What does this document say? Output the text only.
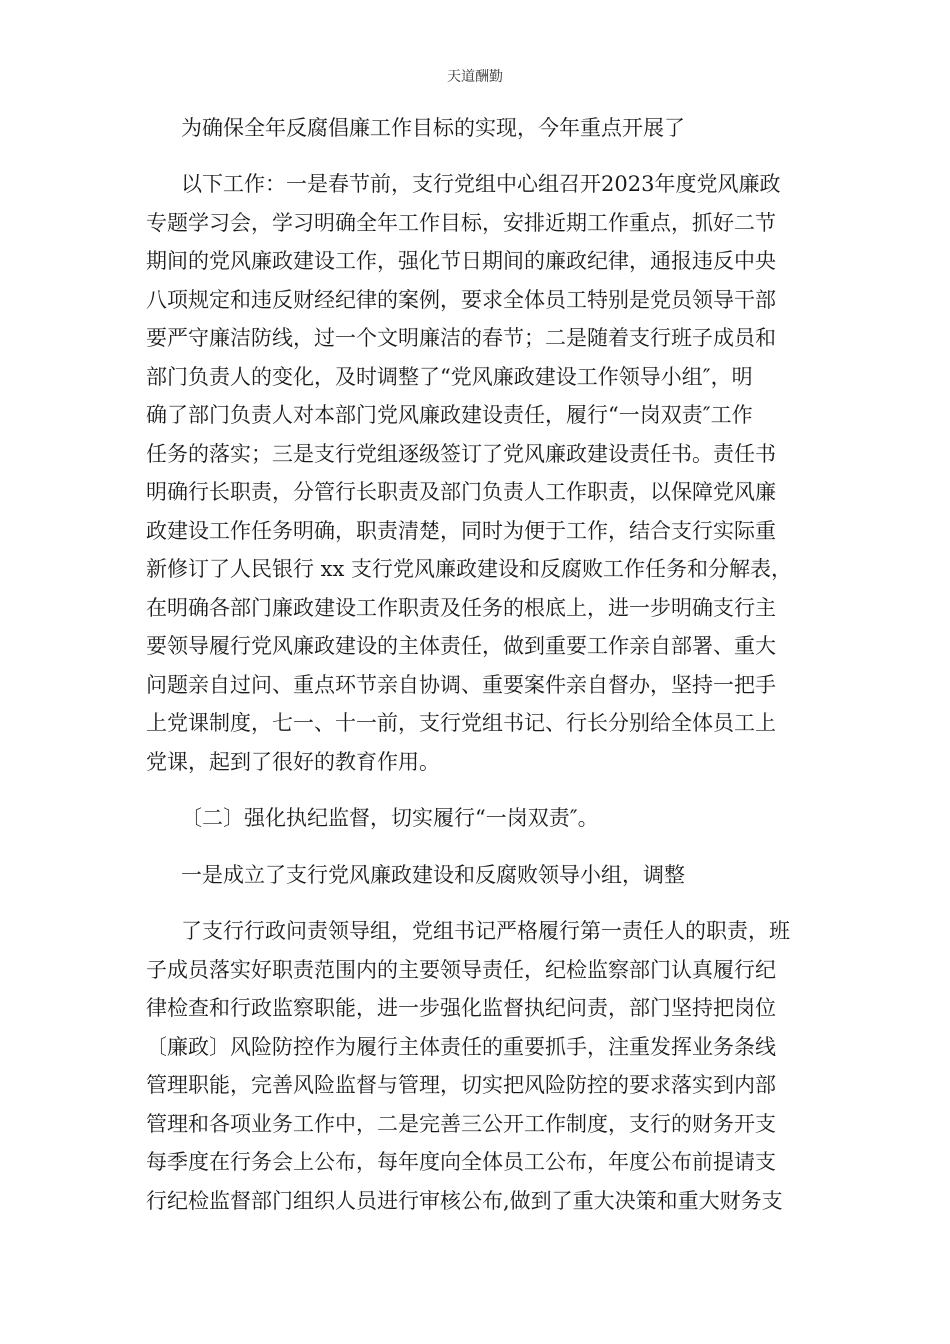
天道酬勤
为确保全年反腐倡廉工作目标的实现，今年重点开展了
以下工作：一是春节前，支行党组中心组召开2023年度党风廉政
专题学习会，学习明确全年工作目标，安排近期工作重点，抓好二节
期间的党风廉政建设工作，强化节日期间的廉政纪律，通报违反中央
八项规定和违反财经纪律的案例，要求全体员工特别是党员领导干部
要严守廉洁防线，过一个文明廉洁的春节；二是随着支行班子成员和
部门负责人的变化，及时调整了“党风廉政建设工作领导小组″，明
确了部门负责人对本部门党风廉政建设责任，履行“一岗双责″工作
任务的落实；三是支行党组逐级签订了党风廉政建设责任书。责任书
明确行长职责，分管行长职责及部门负责人工作职责，以保障党风廉
政建设工作任务明确，职责清楚，同时为便于工作，结合支行实际重
新修订了人民银行 xx 支行党风廉政建设和反腐败工作任务和分解表，
在明确各部门廉政建设工作职责及任务的根底上，进一步明确支行主
要领导履行党风廉政建设的主体责任，做到重要工作亲自部署、重大
问题亲自过问、重点环节亲自协调、重要案件亲自督办，坚持一把手
上党课制度，七一、十一前，支行党组书记、行长分别给全体员工上
党课，起到了很好的教育作用。
〔二〕强化执纪监督，切实履行“一岗双责″。
一是成立了支行党风廉政建设和反腐败领导小组，调整
了支行行政问责领导组，党组书记严格履行第一责任人的职责，班
子成员落实好职责范围内的主要领导责任，纪检监察部门认真履行纪
律检查和行政监察职能，进一步强化监督执纪问责，部门坚持把岗位
〔廉政〕风险防控作为履行主体责任的重要抓手，注重发挥业务条线
管理职能，完善风险监督与管理，切实把风险防控的要求落实到内部
管理和各项业务工作中，二是完善三公开工作制度，支行的财务开支
每季度在行务会上公布，每年度向全体员工公布，年度公布前提请支
行纪检监督部门组织人员进行审核公布,做到了重大决策和重大财务支
